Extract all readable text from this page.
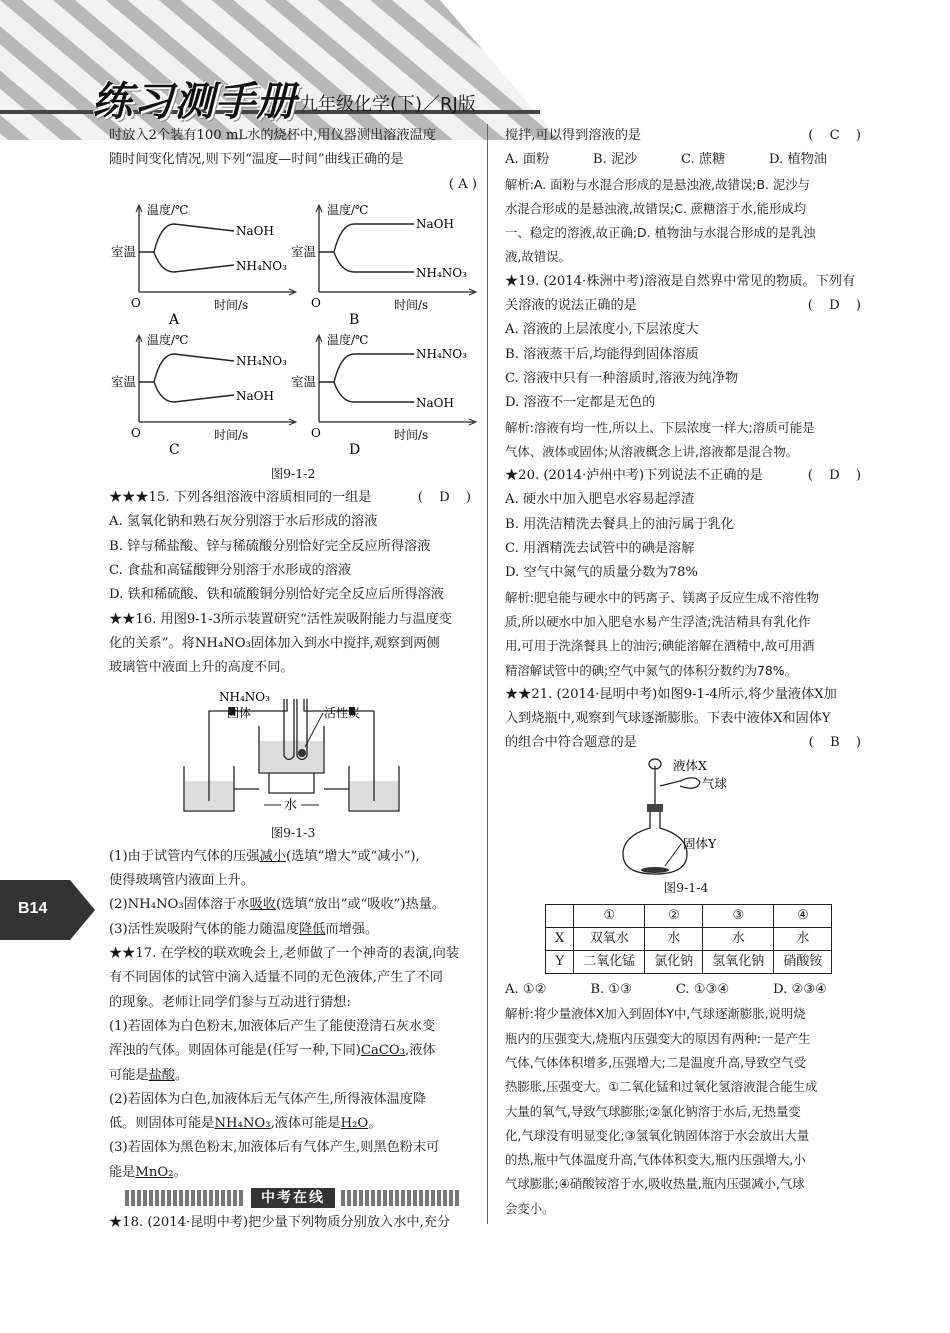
练习测手册 九年级化学(下)／RJ版
B14

时放入2个装有100 mL水的烧杯中,用仪器测出溶液温度

随时间变化情况,则下列“温度—时间”曲线正确的是

( A )

温度/℃
室温
O	时间/s
A
NaOH
NH₄NO₃
温度/℃
室温
O	时间/s
B
NaOH
NH₄NO₃
温度/℃
室温
O	时间/s
C
NH₄NO₃
NaOH
温度/℃
室温
O	时间/s
D
NH₄NO₃
NaOH
图9-1-2

★★★15. 下列各组溶液中溶质相同的一组是	( D )

A. 氢氧化钠和熟石灰分别溶于水后形成的溶液

B. 锌与稀盐酸、锌与稀硫酸分别恰好完全反应所得溶液

C. 食盐和高锰酸钾分别溶于水形成的溶液

D. 铁和稀硫酸、铁和硫酸铜分别恰好完全反应后所得溶液

★★16. 用图9-1-3所示装置研究“活性炭吸附能力与温度变

化的关系”。将NH₄NO₃固体加入到水中搅拌,观察到两侧

玻璃管中液面上升的高度不同。

NH₄NO₃
固体	活性炭
水
图9-1-3

(1)由于试管内气体的压强减小(选填“增大”或“减小”),

使得玻璃管内液面上升。

(2)NH₄NO₃固体溶于水吸收(选填“放出”或“吸收”)热量。

(3)活性炭吸附气体的能力随温度降低而增强。

★★17. 在学校的联欢晚会上,老师做了一个神奇的表演,向装

有不同固体的试管中滴入适量不同的无色液体,产生了不同

的现象。老师让同学们参与互动进行猜想:

(1)若固体为白色粉末,加液体后产生了能使澄清石灰水变

浑浊的气体。则固体可能是(任写一种,下同)CaCO₃,液体

可能是盐酸。

(2)若固体为白色,加液体后无气体产生,所得液体温度降

低。则固体可能是NH₄NO₃,液体可能是H₂O。

(3)若固体为黑色粉末,加液体后有气体产生,则黑色粉末可

能是MnO₂。

中考在线

★18. (2014·昆明中考)把少量下列物质分别放入水中,充分

搅拌,可以得到溶液的是	( C )

A. 面粉	B. 泥沙	C. 蔗糖	D. 植物油

解析:A. 面粉与水混合形成的是悬浊液,故错误;B. 泥沙与

水混合形成的是悬浊液,故错误;C. 蔗糖溶于水,能形成均

一、稳定的溶液,故正确;D. 植物油与水混合形成的是乳浊

液,故错误。

★19. (2014·株洲中考)溶液是自然界中常见的物质。下列有

关溶液的说法正确的是	( D )

A. 溶液的上层浓度小,下层浓度大

B. 溶液蒸干后,均能得到固体溶质

C. 溶液中只有一种溶质时,溶液为纯净物

D. 溶液不一定都是无色的

解析:溶液有均一性,所以上、下层浓度一样大;溶质可能是

气体、液体或固体;从溶液概念上讲,溶液都是混合物。

★20. (2014·泸州中考)下列说法不正确的是	( D )

A. 硬水中加入肥皂水容易起浮渣

B. 用洗洁精洗去餐具上的油污属于乳化

C. 用酒精洗去试管中的碘是溶解

D. 空气中氮气的质量分数为78%

解析:肥皂能与硬水中的钙离子、镁离子反应生成不溶性物

质,所以硬水中加入肥皂水易产生浮渣;洗洁精具有乳化作

用,可用于洗涤餐具上的油污;碘能溶解在酒精中,故可用酒

精溶解试管中的碘;空气中氮气的体积分数约为78%。

★★21. (2014·昆明中考)如图9-1-4所示,将少量液体X加

入到烧瓶中,观察到气球逐渐膨胀。下表中液体X和固体Y

的组合中符合题意的是	( B )

液体X
气球
固体Y
图9-1-4
	①	②	③	④
X	双氧水	水	水	水
Y	二氧化锰	氯化钠	氢氧化钠	硝酸铵

A. ①②	B. ①③	C. ①③④	D. ②③④

解析:将少量液体X加入到固体Y中,气球逐渐膨胀,说明烧

瓶内的压强变大,烧瓶内压强变大的原因有两种:一是产生

气体,气体体积增多,压强增大;二是温度升高,导致空气受

热膨胀,压强变大。①二氧化锰和过氧化氢溶液混合能生成

大量的氧气,导致气球膨胀;②氯化钠溶于水后,无热量变

化,气球没有明显变化;③氢氧化钠固体溶于水会放出大量

的热,瓶中气体温度升高,气体体积变大,瓶内压强增大,小

气球膨胀;④硝酸铵溶于水,吸收热量,瓶内压强减小,气球

会变小。
